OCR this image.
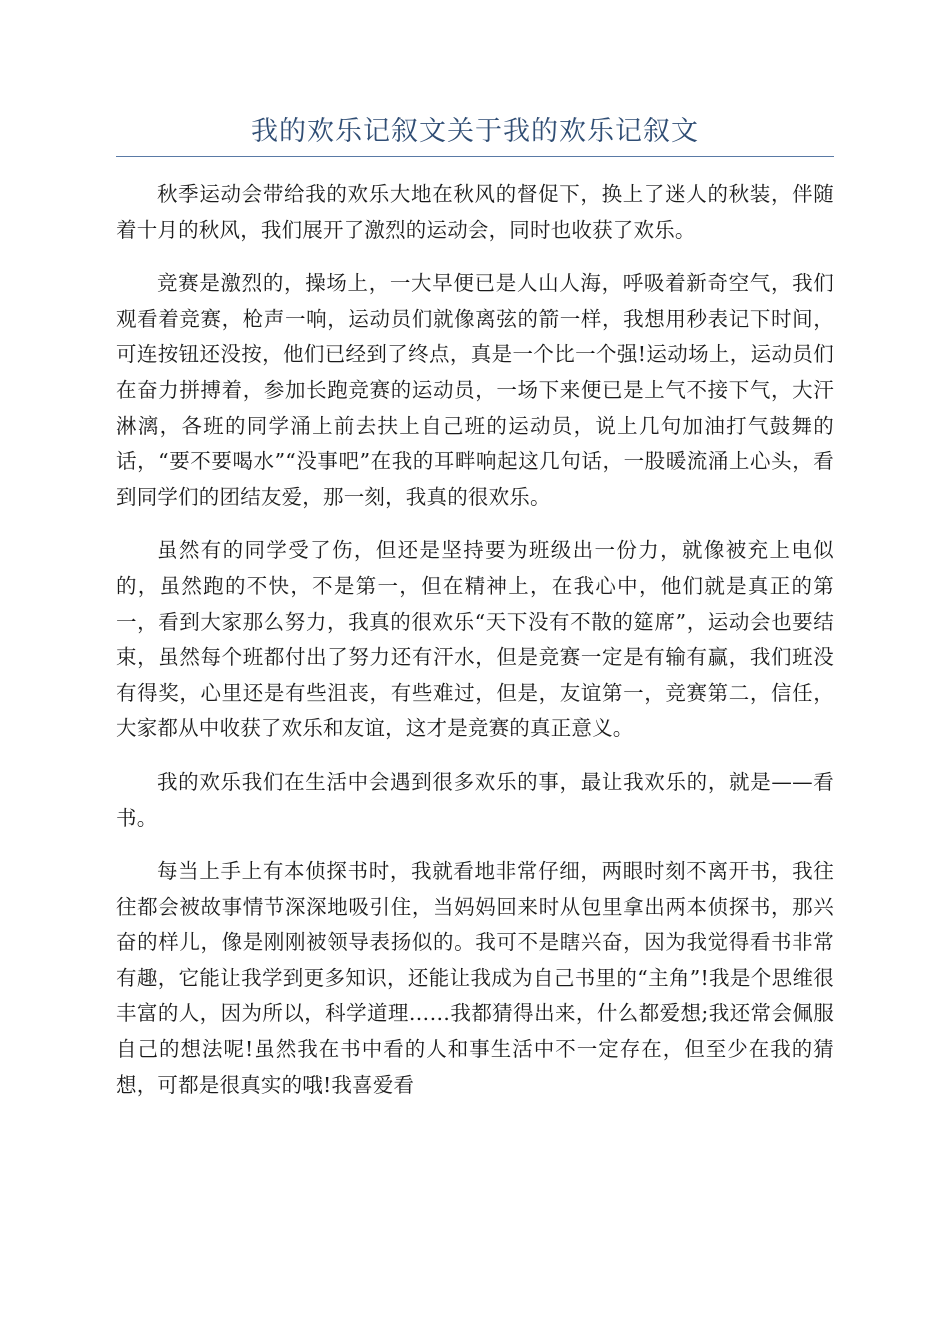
我的欢乐记叙文关于我的欢乐记叙文

秋季运动会带给我的欢乐大地在秋风的督促下，换上了迷人的秋装，伴随着十月的秋风，我们展开了激烈的运动会，同时也收获了欢乐。

竞赛是激烈的，操场上，一大早便已是人山人海，呼吸着新奇空气，我们观看着竞赛，枪声一响，运动员们就像离弦的箭一样，我想用秒表记下时间，可连按钮还没按，他们已经到了终点，真是一个比一个强!运动场上，运动员们在奋力拼搏着，参加长跑竞赛的运动员，一场下来便已是上气不接下气，大汗淋漓，各班的同学涌上前去扶上自己班的运动员，说上几句加油打气鼓舞的话，“要不要喝水”“没事吧”在我的耳畔响起这几句话，一股暖流涌上心头，看到同学们的团结友爱，那一刻，我真的很欢乐。

虽然有的同学受了伤，但还是坚持要为班级出一份力，就像被充上电似的，虽然跑的不快，不是第一，但在精神上，在我心中，他们就是真正的第一，看到大家那么努力，我真的很欢乐“天下没有不散的筵席”，运动会也要结束，虽然每个班都付出了努力还有汗水，但是竞赛一定是有输有赢，我们班没有得奖，心里还是有些沮丧，有些难过，但是，友谊第一，竞赛第二，信任，大家都从中收获了欢乐和友谊，这才是竞赛的真正意义。

我的欢乐我们在生活中会遇到很多欢乐的事，最让我欢乐的，就是——看书。

每当上手上有本侦探书时，我就看地非常仔细，两眼时刻不离开书，我往往都会被故事情节深深地吸引住，当妈妈回来时从包里拿出两本侦探书，那兴奋的样儿，像是刚刚被领导表扬似的。我可不是瞎兴奋，因为我觉得看书非常有趣，它能让我学到更多知识，还能让我成为自己书里的“主角”!我是个思维很丰富的人，因为所以，科学道理……我都猜得出来，什么都爱想;我还常会佩服自己的想法呢!虽然我在书中看的人和事生活中不一定存在，但至少在我的猜想，可都是很真实的哦!我喜爱看
